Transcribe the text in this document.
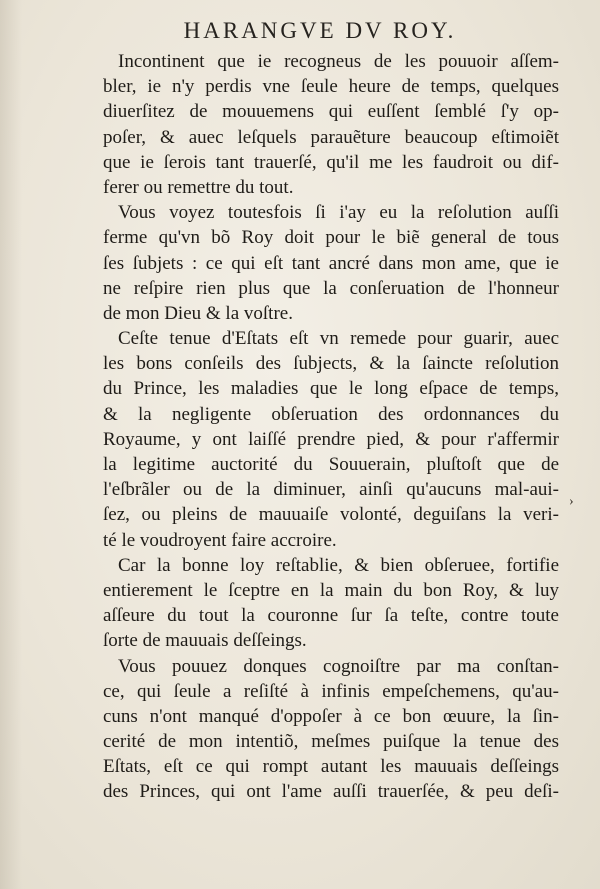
HARANGVE DV ROY.
Incontinent que ie recogneus de les pouuoir aſſem-
bler, ie n'y perdis vne ſeule heure de temps, quelques
diuerſitez de mouuemens qui euſſent ſemblé ſ'y op-
poſer, & auec leſquels parauẽture beaucoup eſtimoiẽt
que ie ſerois tant trauerſé, qu'il me les faudroit ou dif-
ferer ou remettre du tout.
Vous voyez toutesfois ſi i'ay eu la reſolution auſſi
ferme qu'vn bõ Roy doit pour le biẽ general de tous
ſes ſubjets : ce qui eſt tant ancré dans mon ame, que ie
ne reſpire rien plus que la conſeruation de l'honneur
de mon Dieu & la voſtre.
Ceſte tenue d'Eſtats eſt vn remede pour guarir, auec
les bons conſeils des ſubjects, & la ſaincte reſolution
du Prince, les maladies que le long eſpace de temps,
& la negligente obſeruation des ordonnances du
Royaume, y ont laiſſé prendre pied, & pour r'affermir
la legitime auctorité du Souuerain, pluſtoſt que de
l'eſbrãler ou de la diminuer, ainſi qu'aucuns mal-aui-
ſez, ou pleins de mauuaiſe volonté, deguiſans la veri-
té le voudroyent faire accroire.
Car la bonne loy reſtablie, & bien obſeruee, fortifie
entierement le ſceptre en la main du bon Roy, & luy
aſſeure du tout la couronne ſur ſa teſte, contre toute
ſorte de mauuais deſſeings.
Vous pouuez donques cognoiſtre par ma conſtan-
ce, qui ſeule a reſiſté à infinis empeſchemens, qu'au-
cuns n'ont manqué d'oppoſer à ce bon œuure, la ſin-
cerité de mon intentiõ, meſmes puiſque la tenue des
Eſtats, eſt ce qui rompt autant les mauuais deſſeings
des Princes, qui ont l'ame auſſi trauerſée, & peu deſi-
›
